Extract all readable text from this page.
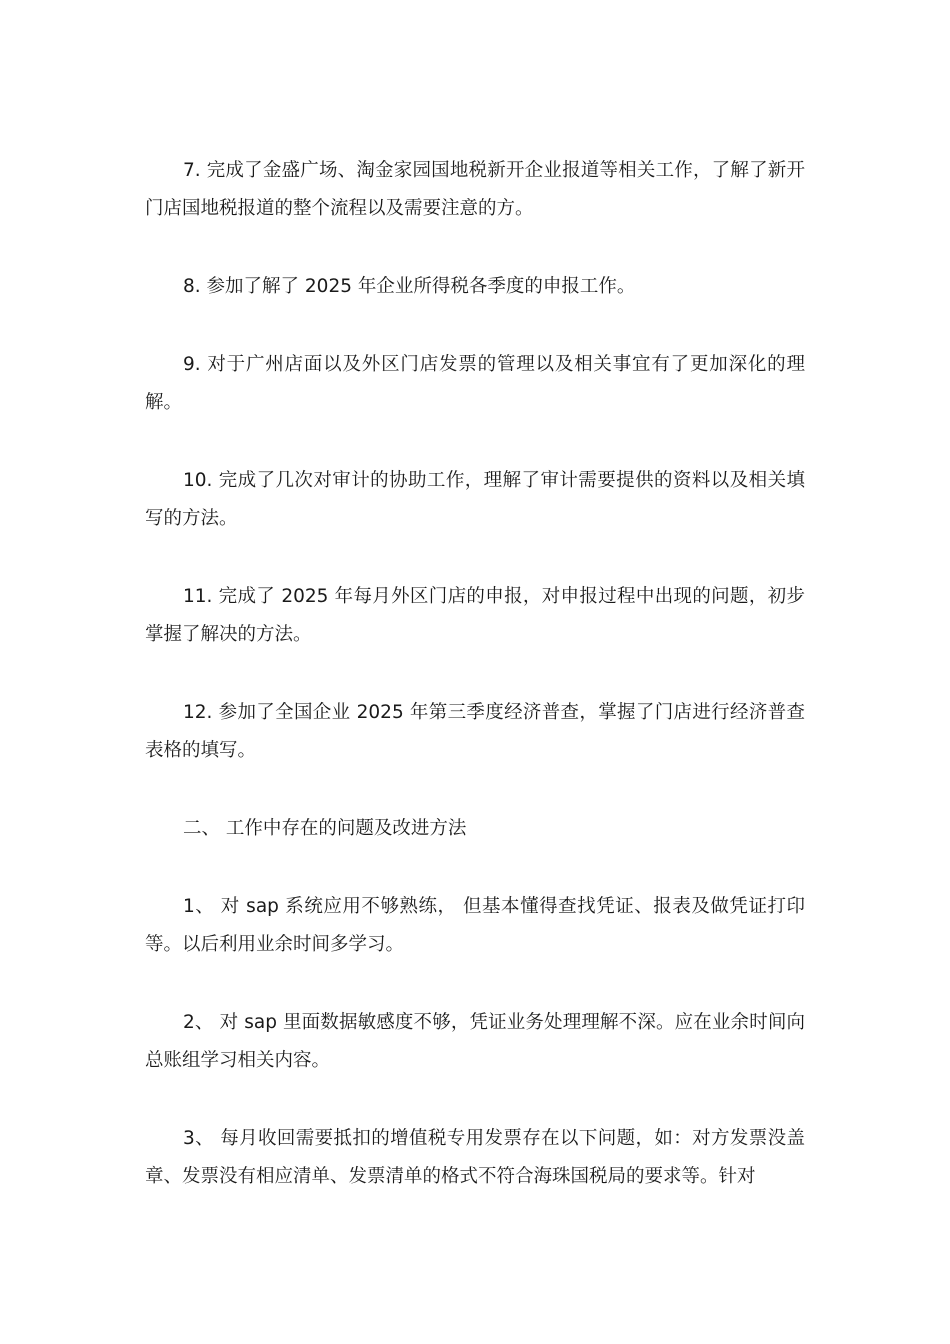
7. 完成了金盛广场、淘金家园国地税新开企业报道等相关工作，了解了新开门店国地税报道的整个流程以及需要注意的方。

8. 参加了解了 2025 年企业所得税各季度的申报工作。

9. 对于广州店面以及外区门店发票的管理以及相关事宜有了更加深化的理解。

10. 完成了几次对审计的协助工作，理解了审计需要提供的资料以及相关填写的方法。

11. 完成了 2025 年每月外区门店的申报，对申报过程中出现的问题，初步掌握了解决的方法。

12. 参加了全国企业 2025 年第三季度经济普查，掌握了门店进行经济普查表格的填写。

二、 工作中存在的问题及改进方法

1、 对 sap 系统应用不够熟练， 但基本懂得查找凭证、报表及做凭证打印等。以后利用业余时间多学习。

2、 对 sap 里面数据敏感度不够，凭证业务处理理解不深。应在业余时间向总账组学习相关内容。

3、 每月收回需要抵扣的增值税专用发票存在以下问题，如：对方发票没盖章、发票没有相应清单、发票清单的格式不符合海珠国税局的要求等。针对
